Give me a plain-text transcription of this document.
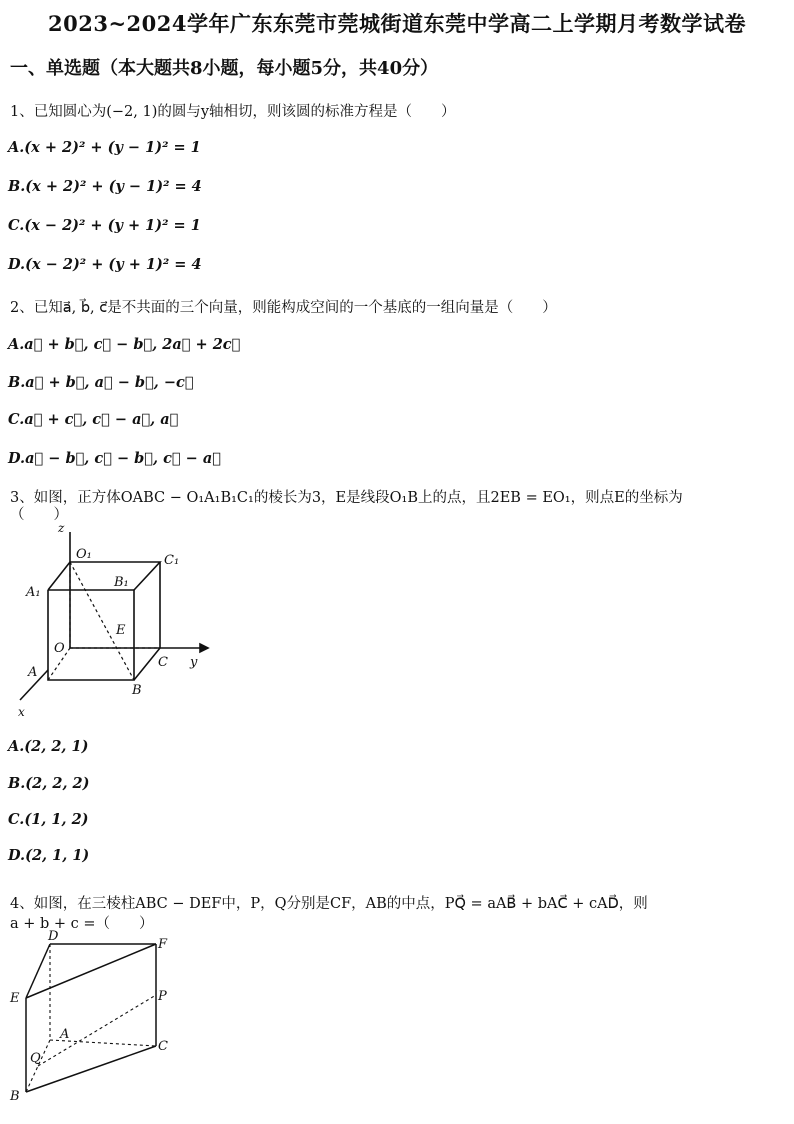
2023~2024学年广东东莞市莞城街道东莞中学高二上学期月考数学试卷
一、单选题（本大题共8小题，每小题5分，共40分）
1、已知圆心为(−2, 1)的圆与y轴相切，则该圆的标准方程是（　　）
A.(x + 2)² + (y − 1)² = 1
B.(x + 2)² + (y − 1)² = 4
C.(x − 2)² + (y + 1)² = 1
D.(x − 2)² + (y + 1)² = 4
2、已知a⃗, b⃗, c⃗是不共面的三个向量，则能构成空间的一个基底的一组向量是（　　）
A.a⃗ + b⃗, c⃗ − b⃗, 2a⃗ + 2c⃗
B.a⃗ + b⃗, a⃗ − b⃗, −c⃗
C.a⃗ + c⃗, c⃗ − a⃗, a⃗
D.a⃗ − b⃗, c⃗ − b⃗, c⃗ − a⃗
3、如图，正方体OABC − O₁A₁B₁C₁的棱长为3，E是线段O₁B上的点，且2EB = EO₁，则点E的坐标为
（　　）
z
O₁	C₁
A₁
B₁
E
O
C y
A
B
x
A.(2, 2, 1)
B.(2, 2, 2)
C.(1, 1, 2)
D.(2, 1, 1)
4、如图，在三棱柱ABC − DEF中，P，Q分别是CF，AB的中点，PQ⃗ = aAB⃗ + bAC⃗ + cAD⃗，则
a + b + c =（　　）
D
F
E	P
A
C
Q
B
